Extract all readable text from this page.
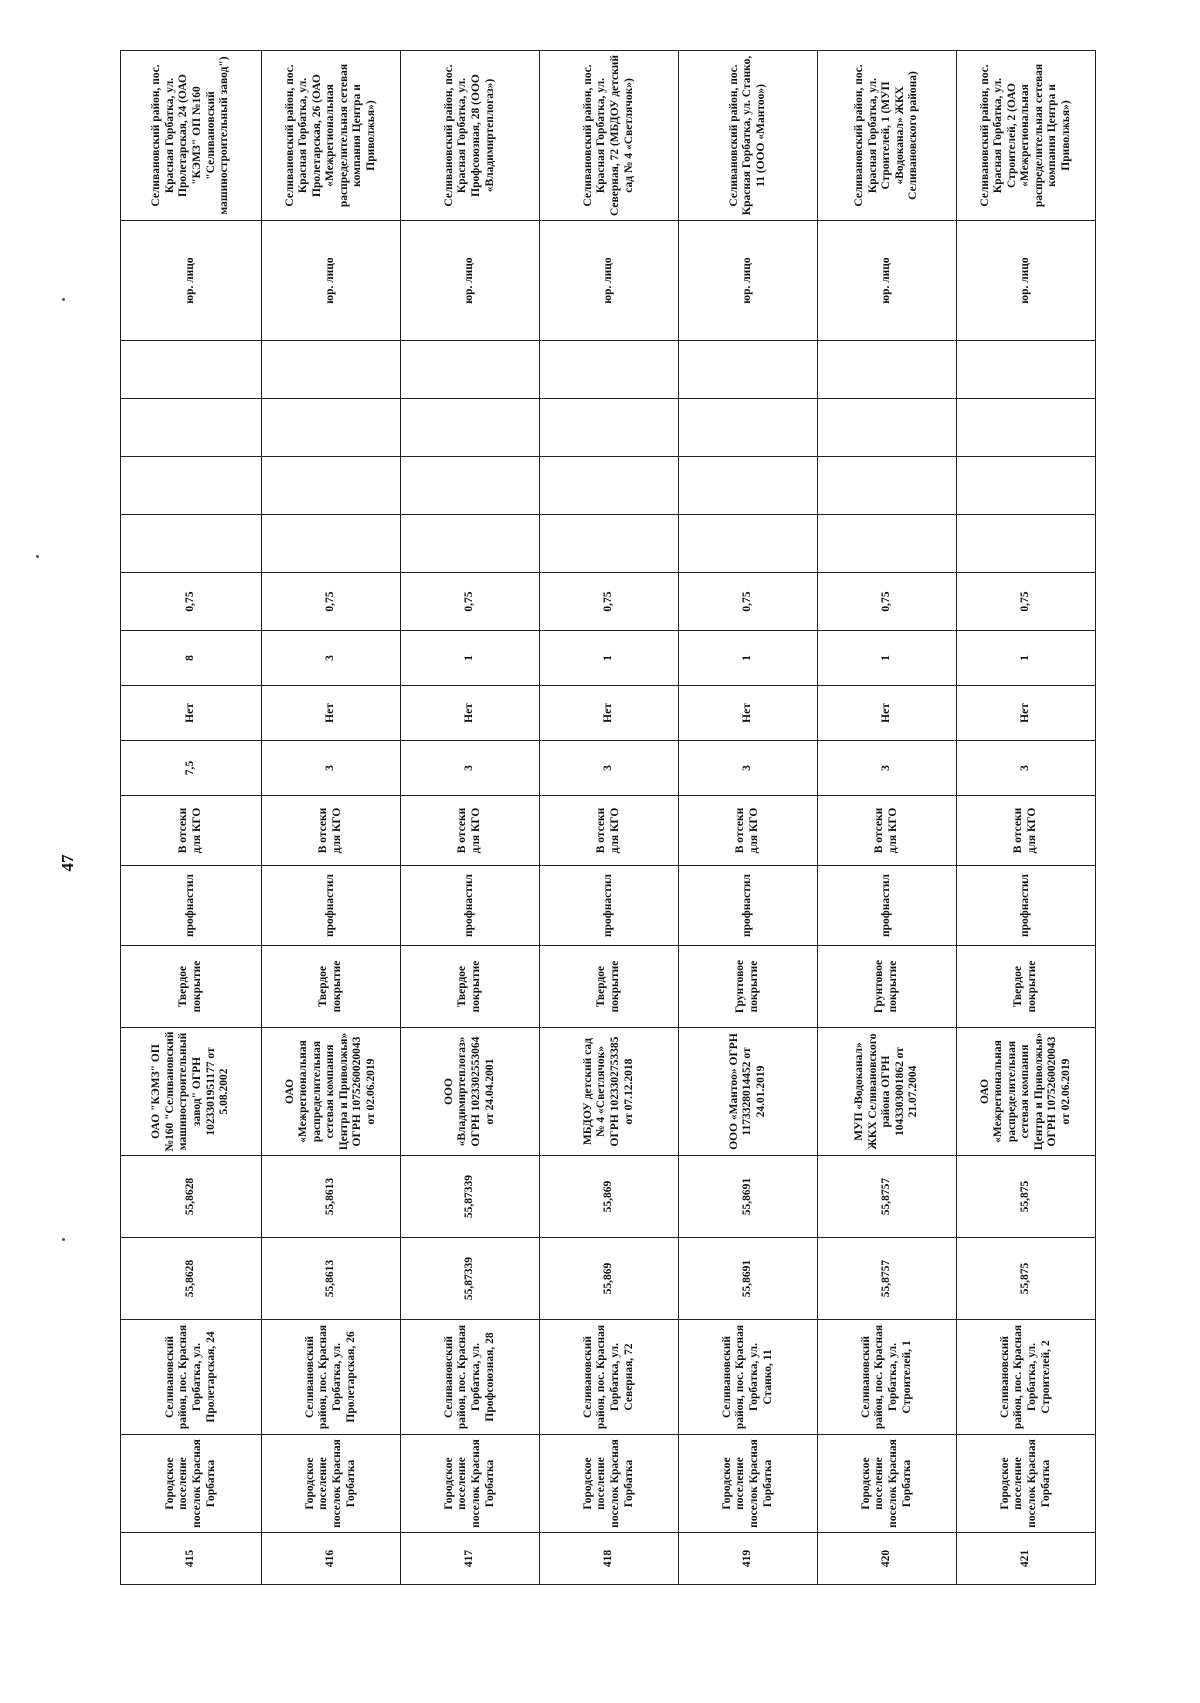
47
415	Городское поселение поселок Красная Горбатка	Селивановский район, пос. Красная Горбатка, ул. Пролетарская, 24	55,8628	55,8628	ОАО "КЭМЗ" ОП №160 "Селивановский машиностроительный завод" ОГРН 1023301951177 от 5.08.2002	Твердое покрытие	профнастил	В отсеки для КГО	7,5	Нет	8	0,75					юр. лицо	Селивановский район, пос. Красная Горбатка, ул. Пролетарская, 24 (ОАО "КЭМЗ" ОП №160 "Селивановский машиностроительный завод")
416	Городское поселение поселок Красная Горбатка	Селивановский район, пос. Красная Горбатка, ул. Пролетарская, 26	55,8613	55,8613	ОАО «Межрегиональная распределительная сетевая компания Центра и Приволжья» ОГРН 1075260020043 от 02.06.2019	Твердое покрытие	профнастил	В отсеки для КГО	3	Нет	3	0,75					юр. лицо	Селивановский район, пос. Красная Горбатка, ул. Пролетарская, 26 (ОАО «Межрегиональная распределительная сетевая компания Центра и Приволжья»)
417	Городское поселение поселок Красная Горбатка	Селивановский район, пос. Красная Горбатка, ул. Профсоюзная, 28	55,87339	55,87339	ООО «Владимиртеплогаз» ОГРН 1023302553064 от 24.04.2001	Твердое покрытие	профнастил	В отсеки для КГО	3	Нет	1	0,75					юр. лицо	Селивановский район, пос. Красная Горбатка, ул. Профсоюзная, 28 (ООО «Владимиртеплогаз»)
418	Городское поселение поселок Красная Горбатка	Селивановский район, пос. Красная Горбатка, ул. Северная, 72	55,869	55,869	МБДОУ детский сад № 4 «Светлячок» ОГРН 1023302753385 от 07.12.2018	Твердое покрытие	профнастил	В отсеки для КГО	3	Нет	1	0,75					юр. лицо	Селивановский район, пос. Красная Горбатка, ул. Северная, 72 (МБДОУ детский сад № 4 «Светлячок»)
419	Городское поселение поселок Красная Горбатка	Селивановский район, пос. Красная Горбатка, ул. Станко, 11	55,8691	55,8691	ООО «Мантоо» ОГРН 1173328014452 от 24.01.2019	Грунтовое покрытие	профнастил	В отсеки для КГО	3	Нет	1	0,75					юр. лицо	Селивановский район, пос. Красная Горбатка, ул. Станко, 11 (ООО «Мантоо»)
420	Городское поселение поселок Красная Горбатка	Селивановский район, пос. Красная Горбатка, ул. Строителей, 1	55,8757	55,8757	МУП «Водоканал» ЖКХ Селивановского района ОГРН 1043303001862 от 21.07.2004	Грунтовое покрытие	профнастил	В отсеки для КГО	3	Нет	1	0,75					юр. лицо	Селивановский район, пос. Красная Горбатка, ул. Строителей, 1 (МУП «Водоканал» ЖКХ Селивановского района)
421	Городское поселение поселок Красная Горбатка	Селивановский район, пос. Красная Горбатка, ул. Строителей, 2	55,875	55,875	ОАО «Межрегиональная распределительная сетевая компания Центра и Приволжья» ОГРН 1075260020043 от 02.06.2019	Твердое покрытие	профнастил	В отсеки для КГО	3	Нет	1	0,75					юр. лицо	Селивановский район, пос. Красная Горбатка, ул. Строителей, 2 (ОАО «Межрегиональная распределительная сетевая компания Центра и Приволжья»)
